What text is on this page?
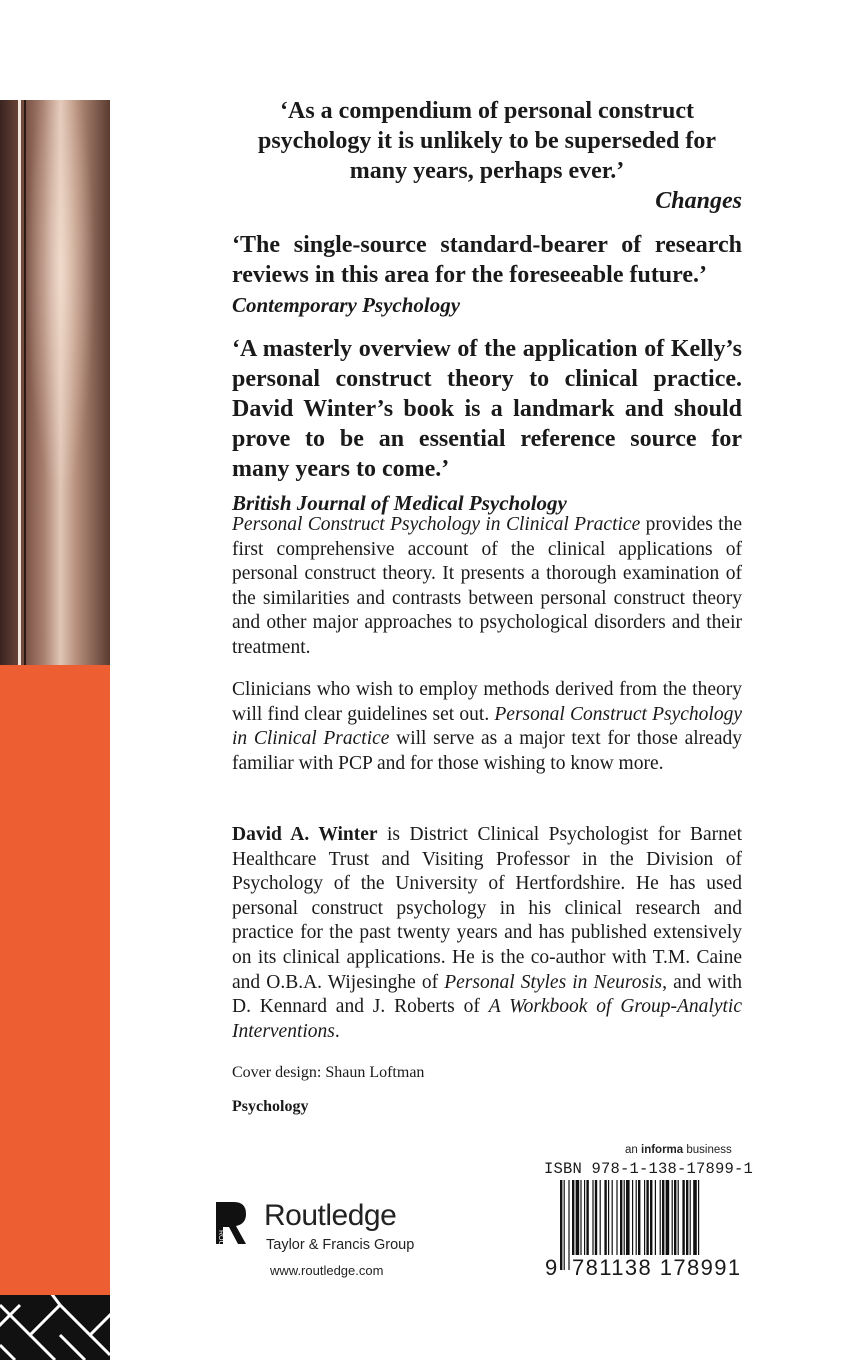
‘As a compendium of personal construct psychology it is unlikely to be superseded for many years, perhaps ever.’
Changes
‘The single-source standard-bearer of research reviews in this area for the foreseeable future.’
Contemporary Psychology
‘A masterly overview of the application of Kelly’s personal construct theory to clinical practice. David Winter’s book is a landmark and should prove to be an essential reference source for many years to come.’
British Journal of Medical Psychology
Personal Construct Psychology in Clinical Practice provides the first comprehensive account of the clinical applications of personal construct theory. It presents a thorough examination of the similarities and contrasts between personal construct theory and other major approaches to psychological disorders and their treatment.
Clinicians who wish to employ methods derived from the theory will find clear guidelines set out. Personal Construct Psychology in Clinical Practice will serve as a major text for those already familiar with PCP and for those wishing to know more.
David A. Winter is District Clinical Psychologist for Barnet Healthcare Trust and Visiting Professor in the Division of Psychology of the University of Hertfordshire. He has used personal construct psychology in his clinical research and practice for the past twenty years and has published extensively on its clinical applications. He is the co-author with T.M. Caine and O.B.A. Wijesinghe of Personal Styles in Neurosis, and with D. Kennard and J. Roberts of A Workbook of Group-Analytic Interventions.
Cover design: Shaun Loftman
Psychology
ROUTLEDGE
Routledge
Taylor & Francis Group
www.routledge.com
an informa business
ISBN 978-1-138-17899-1
9 781138 178991
